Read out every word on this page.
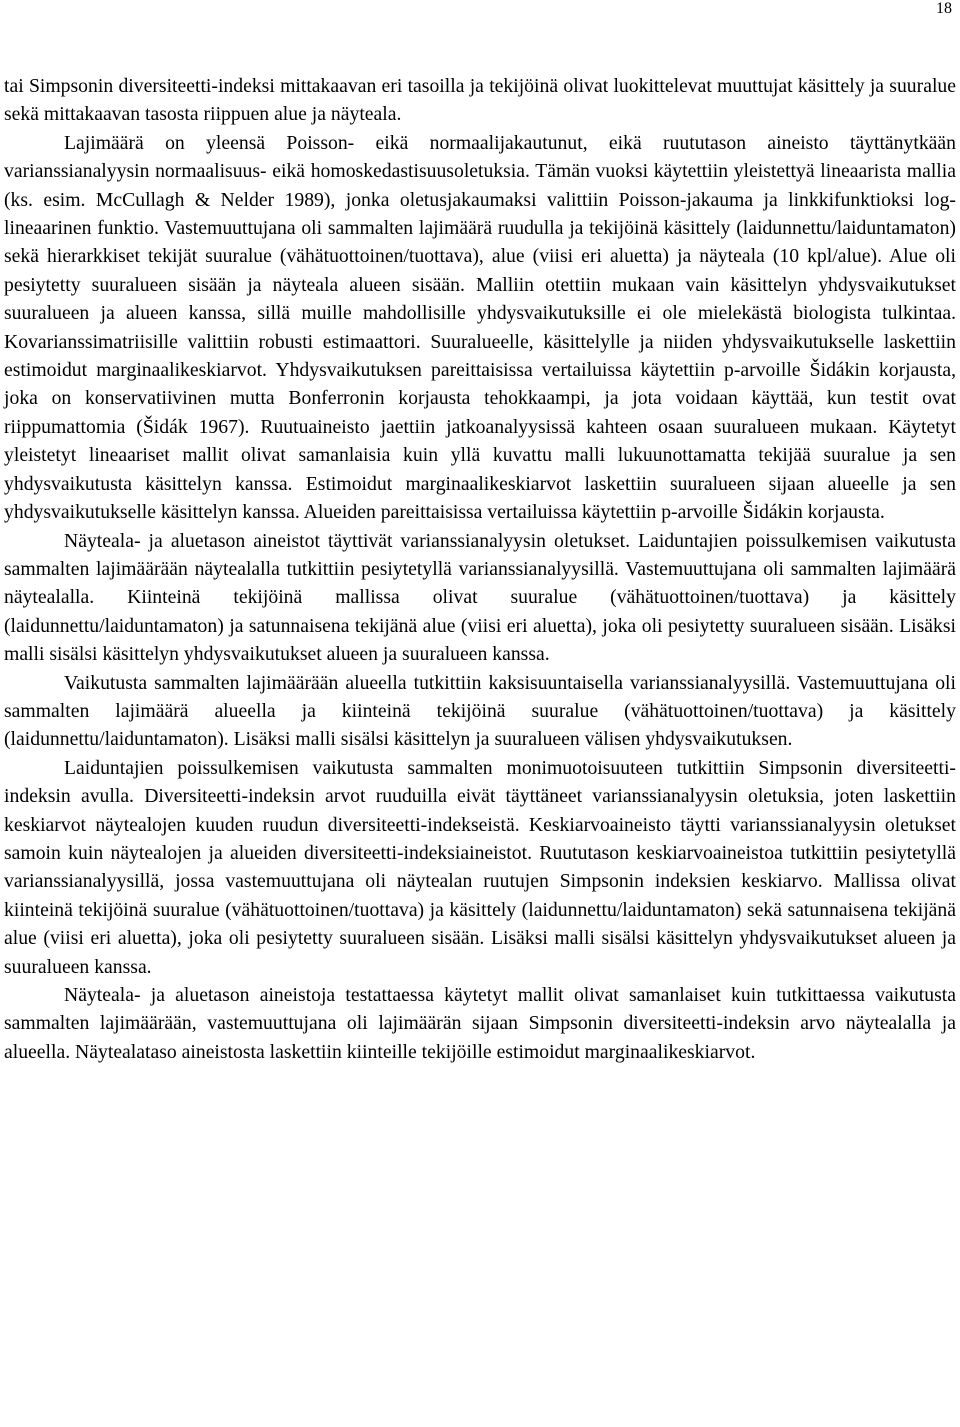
18

tai Simpsonin diversiteetti-indeksi mittakaavan eri tasoilla ja tekijöinä olivat luokittelevat muuttujat käsittely ja suuralue sekä mittakaavan tasosta riippuen alue ja näyteala.

Lajimäärä on yleensä Poisson- eikä normaalijakautunut, eikä ruututason aineisto täyttänytkään varianssianalyysin normaalisuus- eikä homoskedastisuusoletuksia. Tämän vuoksi käytettiin yleistettyä lineaarista mallia (ks. esim. McCullagh & Nelder 1989), jonka oletusjakaumaksi valittiin Poisson-jakauma ja linkkifunktioksi log-lineaarinen funktio. Vastemuuttujana oli sammalten lajimäärä ruudulla ja tekijöinä käsittely (laidunnettu/laiduntamaton) sekä hierarkkiset tekijät suuralue (vähätuottoinen/tuottava), alue (viisi eri aluetta) ja näyteala (10 kpl/alue). Alue oli pesiytetty suuralueen sisään ja näyteala alueen sisään. Malliin otettiin mukaan vain käsittelyn yhdysvaikutukset suuralueen ja alueen kanssa, sillä muille mahdollisille yhdysvaikutuksille ei ole mielekästä biologista tulkintaa. Kovarianssimatriisille valittiin robusti estimaattori. Suuralueelle, käsittelylle ja niiden yhdysvaikutukselle laskettiin estimoidut marginaalikeskiarvot. Yhdysvaikutuksen pareittaisissa vertailuissa käytettiin p-arvoille Šidákin korjausta, joka on konservatiivinen mutta Bonferronin korjausta tehokkaampi, ja jota voidaan käyttää, kun testit ovat riippumattomia (Šidák 1967). Ruutuaineisto jaettiin jatkoanalyysissä kahteen osaan suuralueen mukaan. Käytetyt yleistetyt lineaariset mallit olivat samanlaisia kuin yllä kuvattu malli lukuunottamatta tekijää suuralue ja sen yhdysvaikutusta käsittelyn kanssa. Estimoidut marginaalikeskiarvot laskettiin suuralueen sijaan alueelle ja sen yhdysvaikutukselle käsittelyn kanssa. Alueiden pareittaisissa vertailuissa käytettiin p-arvoille Šidákin korjausta.

Näyteala- ja aluetason aineistot täyttivät varianssianalyysin oletukset. Laiduntajien poissulkemisen vaikutusta sammalten lajimäärään näytealalla tutkittiin pesiytetyllä varianssianalyysillä. Vastemuuttujana oli sammalten lajimäärä näytealalla. Kiinteinä tekijöinä mallissa olivat suuralue (vähätuottoinen/tuottava) ja käsittely (laidunnettu/laiduntamaton) ja satunnaisena tekijänä alue (viisi eri aluetta), joka oli pesiytetty suuralueen sisään. Lisäksi malli sisälsi käsittelyn yhdysvaikutukset alueen ja suuralueen kanssa.

Vaikutusta sammalten lajimäärään alueella tutkittiin kaksisuuntaisella varianssianalyysillä. Vastemuuttujana oli sammalten lajimäärä alueella ja kiinteinä tekijöinä suuralue (vähätuottoinen/tuottava) ja käsittely (laidunnettu/laiduntamaton). Lisäksi malli sisälsi käsittelyn ja suuralueen välisen yhdysvaikutuksen.

Laiduntajien poissulkemisen vaikutusta sammalten monimuotoisuuteen tutkittiin Simpsonin diversiteetti-indeksin avulla. Diversiteetti-indeksin arvot ruuduilla eivät täyttäneet varianssianalyysin oletuksia, joten laskettiin keskiarvot näytealojen kuuden ruudun diversiteetti-indekseistä. Keskiarvoaineisto täytti varianssianalyysin oletukset samoin kuin näytealojen ja alueiden diversiteetti-indeksiaineistot. Ruututason keskiarvoaineistoa tutkittiin pesiytetyllä varianssianalyysillä, jossa vastemuuttujana oli näytealan ruutujen Simpsonin indeksien keskiarvo. Mallissa olivat kiinteinä tekijöinä suuralue (vähätuottoinen/tuottava) ja käsittely (laidunnettu/laiduntamaton) sekä satunnaisena tekijänä alue (viisi eri aluetta), joka oli pesiytetty suuralueen sisään. Lisäksi malli sisälsi käsittelyn yhdysvaikutukset alueen ja suuralueen kanssa.

Näyteala- ja aluetason aineistoja testattaessa käytetyt mallit olivat samanlaiset kuin tutkittaessa vaikutusta sammalten lajimäärään, vastemuuttujana oli lajimäärän sijaan Simpsonin diversiteetti-indeksin arvo näytealalla ja alueella. Näytealataso aineistosta laskettiin kiinteille tekijöille estimoidut marginaalikeskiarvot.
